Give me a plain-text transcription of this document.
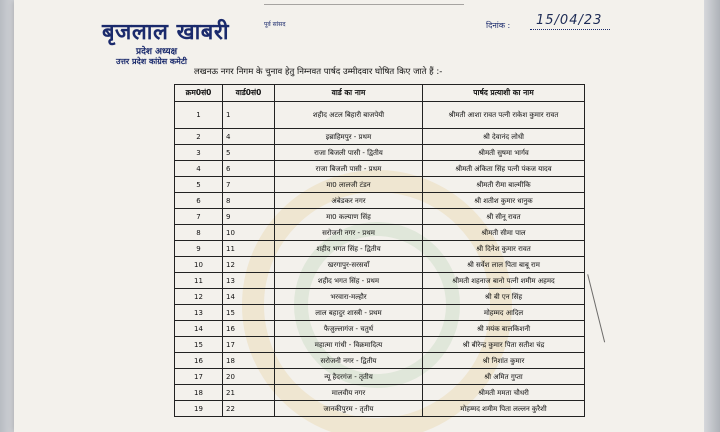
बृजलाल खाबरी	पूर्व सांसद
प्रदेश अध्यक्ष
उत्तर प्रदेश कांग्रेस कमेटी
दिनांक : 15/04/23
लखनऊ नगर निगम के चुनाव हेतु निम्नवत पार्षद उम्मीदवार घोषित किए जाते हैं :-
क्रम0सं0	वार्ड0सं0	वार्ड का नाम	पार्षद प्रत्याशी का नाम
1	1	शहीद अटल बिहारी बाजपेयी	श्रीमती आशा रावत पत्नी राकेश कुमार रावत
2	4	इब्राहिमपुर - प्रथम	श्री देवानंद लोधी
3	5	राजा बिजली पासी - द्वितीय	श्रीमती सुषमा भार्गव
4	6	राजा बिजली पासी - प्रथम	श्रीमती अंकिता सिंह पत्नी पंकज यादव
5	7	मा0 लालजी टंडन	श्रीमती रीमा बाल्मीकि
6	8	अंबेडकर नगर	श्री शतीश कुमार धानुक
7	9	मा0 कल्याण सिंह	श्री सीनू रावत
8	10	सरोजनी नगर - प्रथम	श्रीमती सीमा पाल
9	11	शहीद भगत सिंह - द्वितीय	श्री दिनेश कुमार रावत
10	12	खरगापुर-सरसवाँ	श्री सर्वेश लाल पिता बाबू राम
11	13	शहीद भगत सिंह - प्रथम	श्रीमती शहनाज बानो पत्नी शमीम अहमद
12	14	भरवारा-मल्हौर	श्री बी एन सिंह
13	15	लाल बहादुर शास्त्री - प्रथम	मोहम्मद आदिल
14	16	फैजुल्लागंज - चतुर्थ	श्री मयंक बालकिशनी
15	17	महात्मा गांधी - विक्रमादित्य	श्री बीरेन्द्र कुमार पिता सतीश चंद्र
16	18	सरोजनी नगर - द्वितीय	श्री निशांत कुमार
17	20	न्यू हैदरगंज - तृतीय	श्री अमित गुप्ता
18	21	मालवीय नगर	श्रीमती ममता चौधरी
19	22	जानकीपुरम - तृतीय	मोहम्मद शमीम पिता लल्लन कुरैशी
